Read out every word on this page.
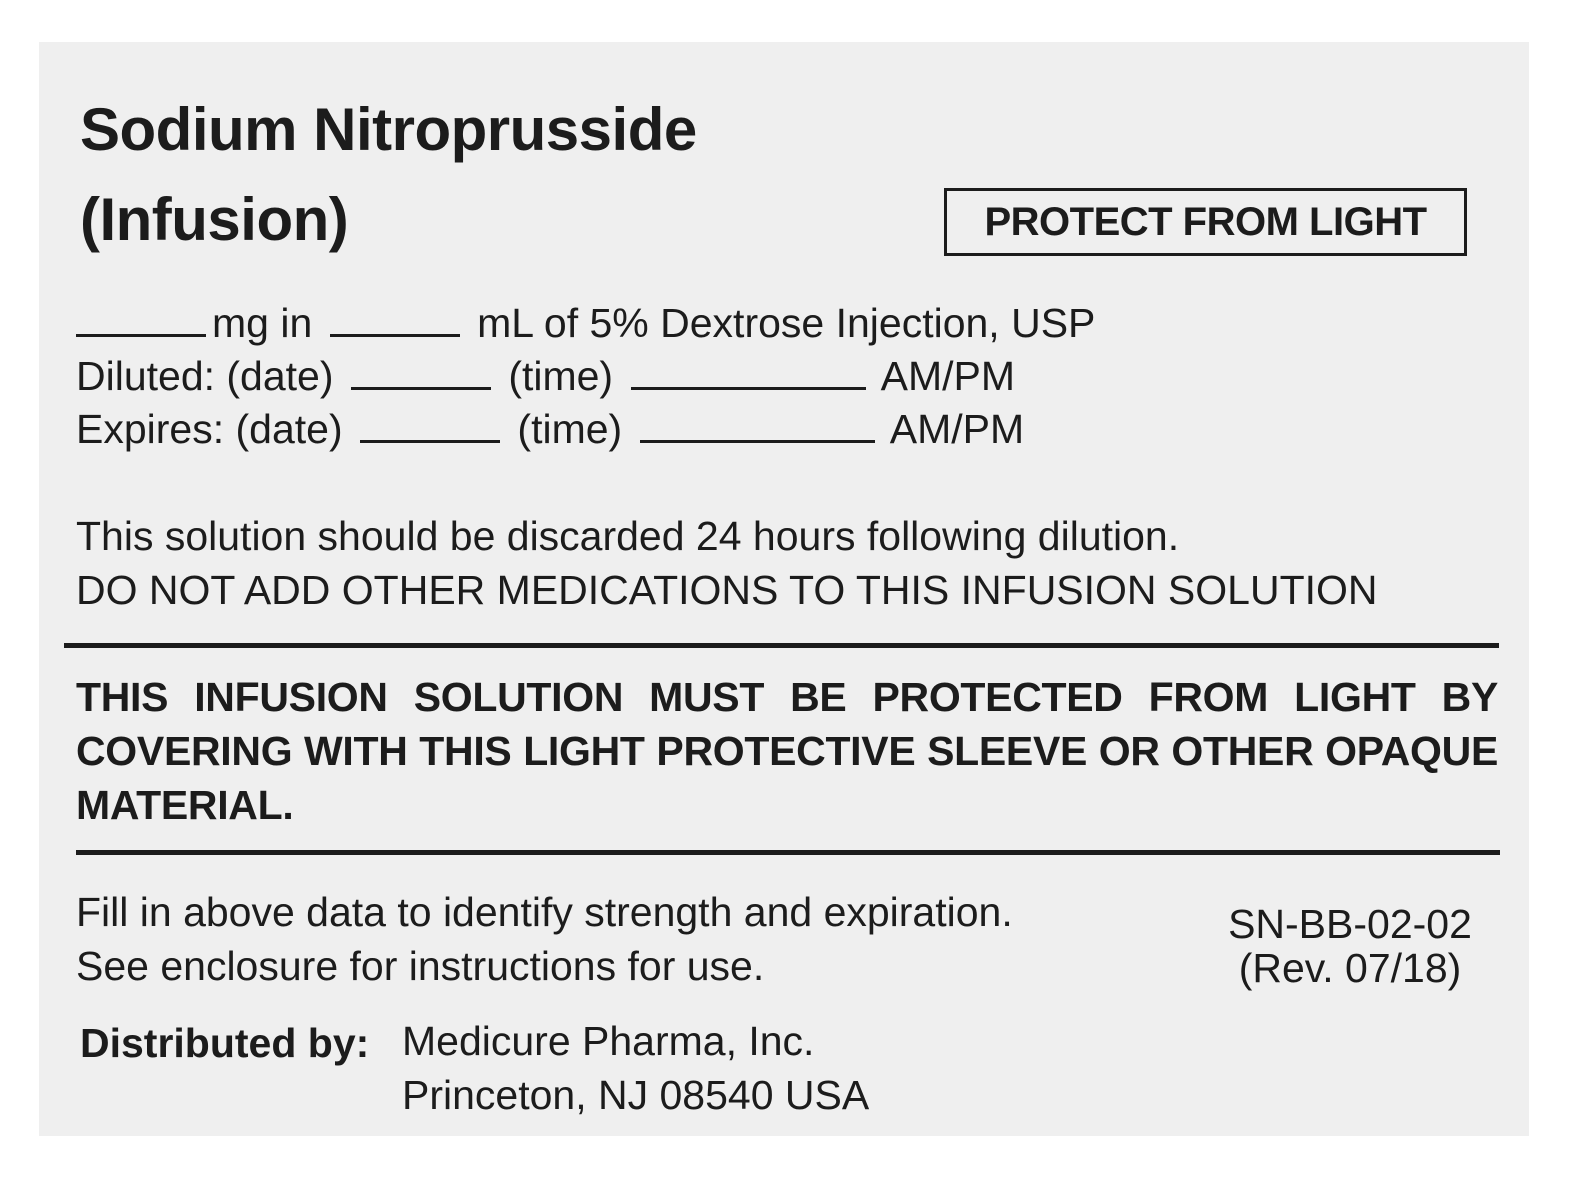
Sodium Nitroprusside
(Infusion)	PROTECT FROM LIGHT
mg in	mL of 5% Dextrose Injection, USP
Diluted: (date)	(time)	AM/PM
Expires: (date)	(time)	AM/PM
This solution should be discarded 24 hours following dilution.
DO NOT ADD OTHER MEDICATIONS TO THIS INFUSION SOLUTION
THIS INFUSION SOLUTION MUST BE PROTECTED FROM LIGHT BY COVERING WITH THIS LIGHT PROTECTIVE SLEEVE OR OTHER OPAQUE MATERIAL.
Fill in above data to identify strength and expiration.
See enclosure for instructions for use.
SN-BB-02-02
(Rev. 07/18)
Distributed by: Medicure Pharma, Inc.
Princeton, NJ 08540 USA
